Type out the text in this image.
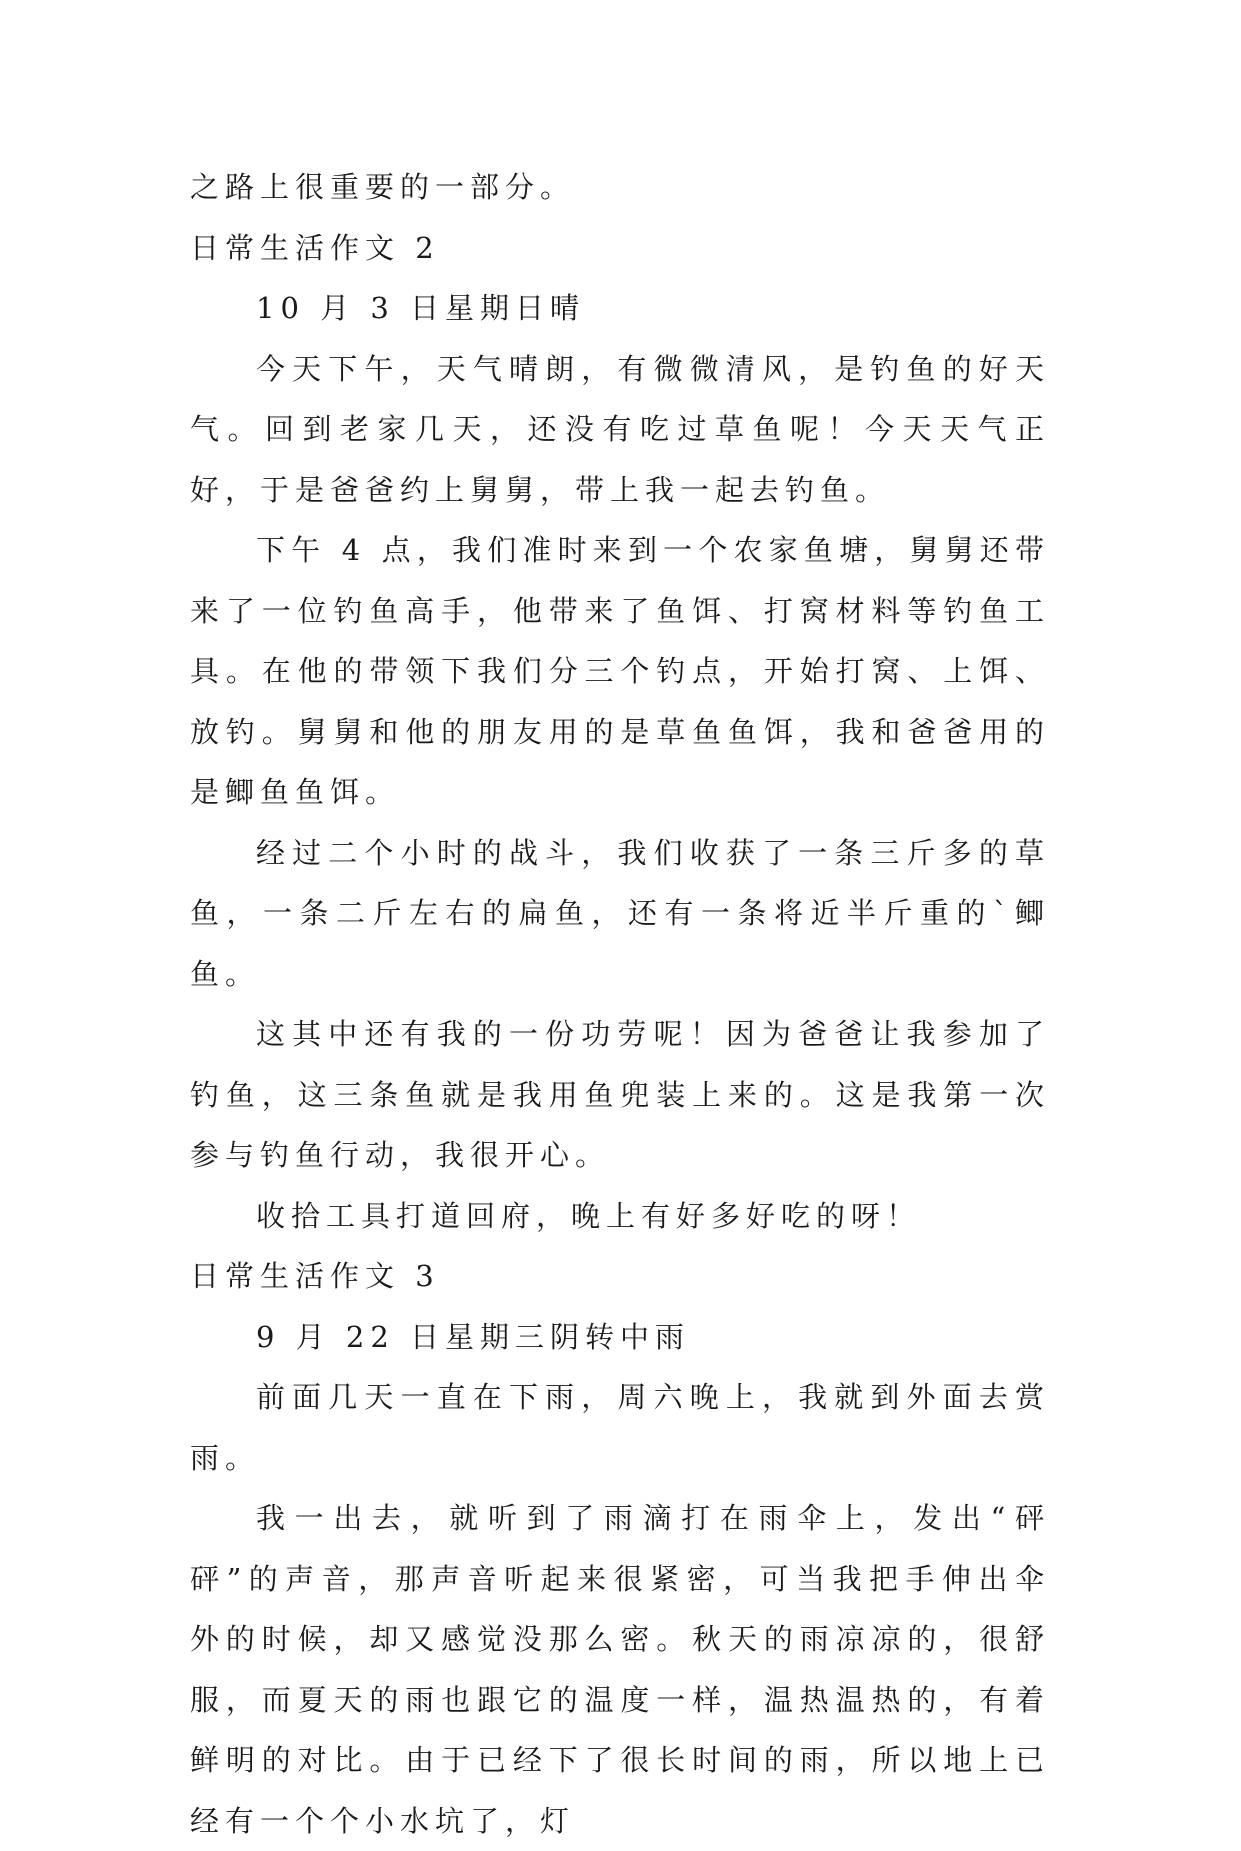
之路上很重要的一部分。

日常生活作文 2

10 月 3 日星期日晴

今天下午，天气晴朗，有微微清风，是钓鱼的好天气。回到老家几天，还没有吃过草鱼呢！今天天气正好，于是爸爸约上舅舅，带上我一起去钓鱼。

下午 4 点，我们准时来到一个农家鱼塘，舅舅还带来了一位钓鱼高手，他带来了鱼饵、打窝材料等钓鱼工具。在他的带领下我们分三个钓点，开始打窝、上饵、放钓。舅舅和他的朋友用的是草鱼鱼饵，我和爸爸用的是鲫鱼鱼饵。

经过二个小时的战斗，我们收获了一条三斤多的草鱼，一条二斤左右的扁鱼，还有一条将近半斤重的`鲫鱼。

这其中还有我的一份功劳呢！因为爸爸让我参加了钓鱼，这三条鱼就是我用鱼兜装上来的。这是我第一次参与钓鱼行动，我很开心。

收拾工具打道回府，晚上有好多好吃的呀！

日常生活作文 3

9 月 22 日星期三阴转中雨

前面几天一直在下雨，周六晚上，我就到外面去赏雨。

我一出去，就听到了雨滴打在雨伞上，发出“砰砰”的声音，那声音听起来很紧密，可当我把手伸出伞外的时候，却又感觉没那么密。秋天的雨凉凉的，很舒服，而夏天的雨也跟它的温度一样，温热温热的，有着鲜明的对比。由于已经下了很长时间的雨，所以地上已经有一个个小水坑了，灯
